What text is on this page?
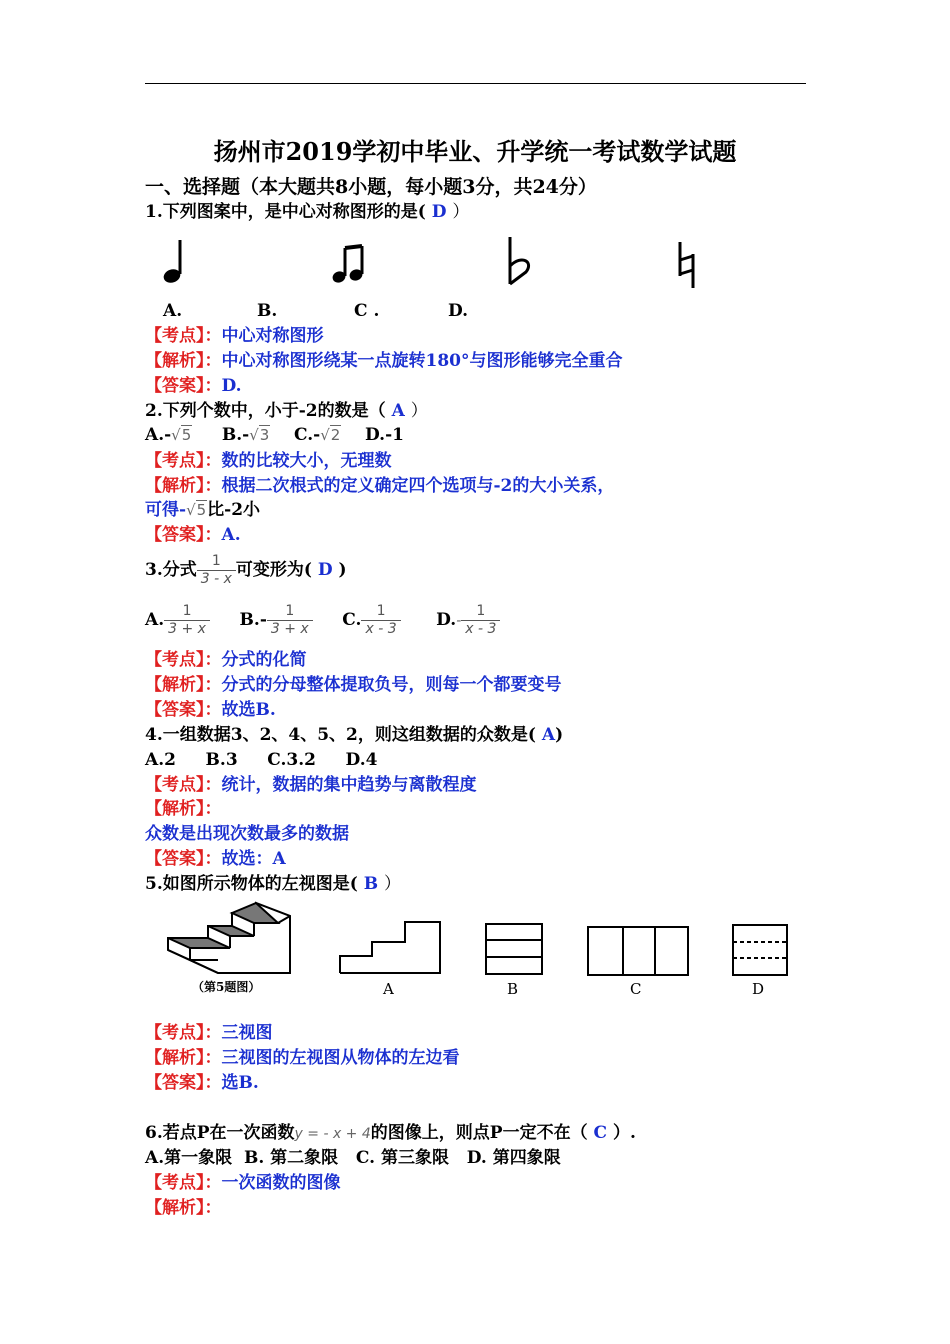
扬州市2019学初中毕业、升学统一考试数学试题
一、选择题（本大题共8小题，每小题3分，共24分）
1.下列图案中，是中心对称图形的是( D ）
A.	B.	C .	D.
【考点】：中心对称图形
【解析】：中心对称图形绕某一点旋转180°与图形能够完全重合
【答案】：D.
2.下列个数中，小于-2的数是（ A ）
A.-√5 B.-√3 C.-√2 D.-1
【考点】：数的比较大小，无理数
【解析】：根据二次根式的定义确定四个选项与-2的大小关系，
可得-√5比-2小
【答案】：A.
3.分式 $\frac{1}{3 - x}$ 可变形为( D )
A. $\frac{1}{3 + x} B.- \frac{1}{3 + x} C$. $\frac{1}{x - 3} D.- \frac{1}{x - 3}$
【考点】：分式的化简
【解析】：分式的分母整体提取负号，则每一个都要变号
【答案】：故选B.
4.一组数据3、2、4、5、2，则这组数据的众数是( A)
A.2     B.3     C.3.2     D.4
【考点】：统计，数据的集中趋势与离散程度
【解析】：
众数是出现次数最多的数据
【答案】：故选：A
5.如图所示物体的左视图是( B ）
（第5题图）	A	B	C	D
【考点】：三视图
【解析】：三视图的左视图从物体的左边看
【答案】：选B.
6.若点P在一次函数y = - x + 4的图像上，则点P一定不在（ C ）.
A.第一象限  B. 第二象限   C. 第三象限   D. 第四象限
【考点】：一次函数的图像
【解析】：
